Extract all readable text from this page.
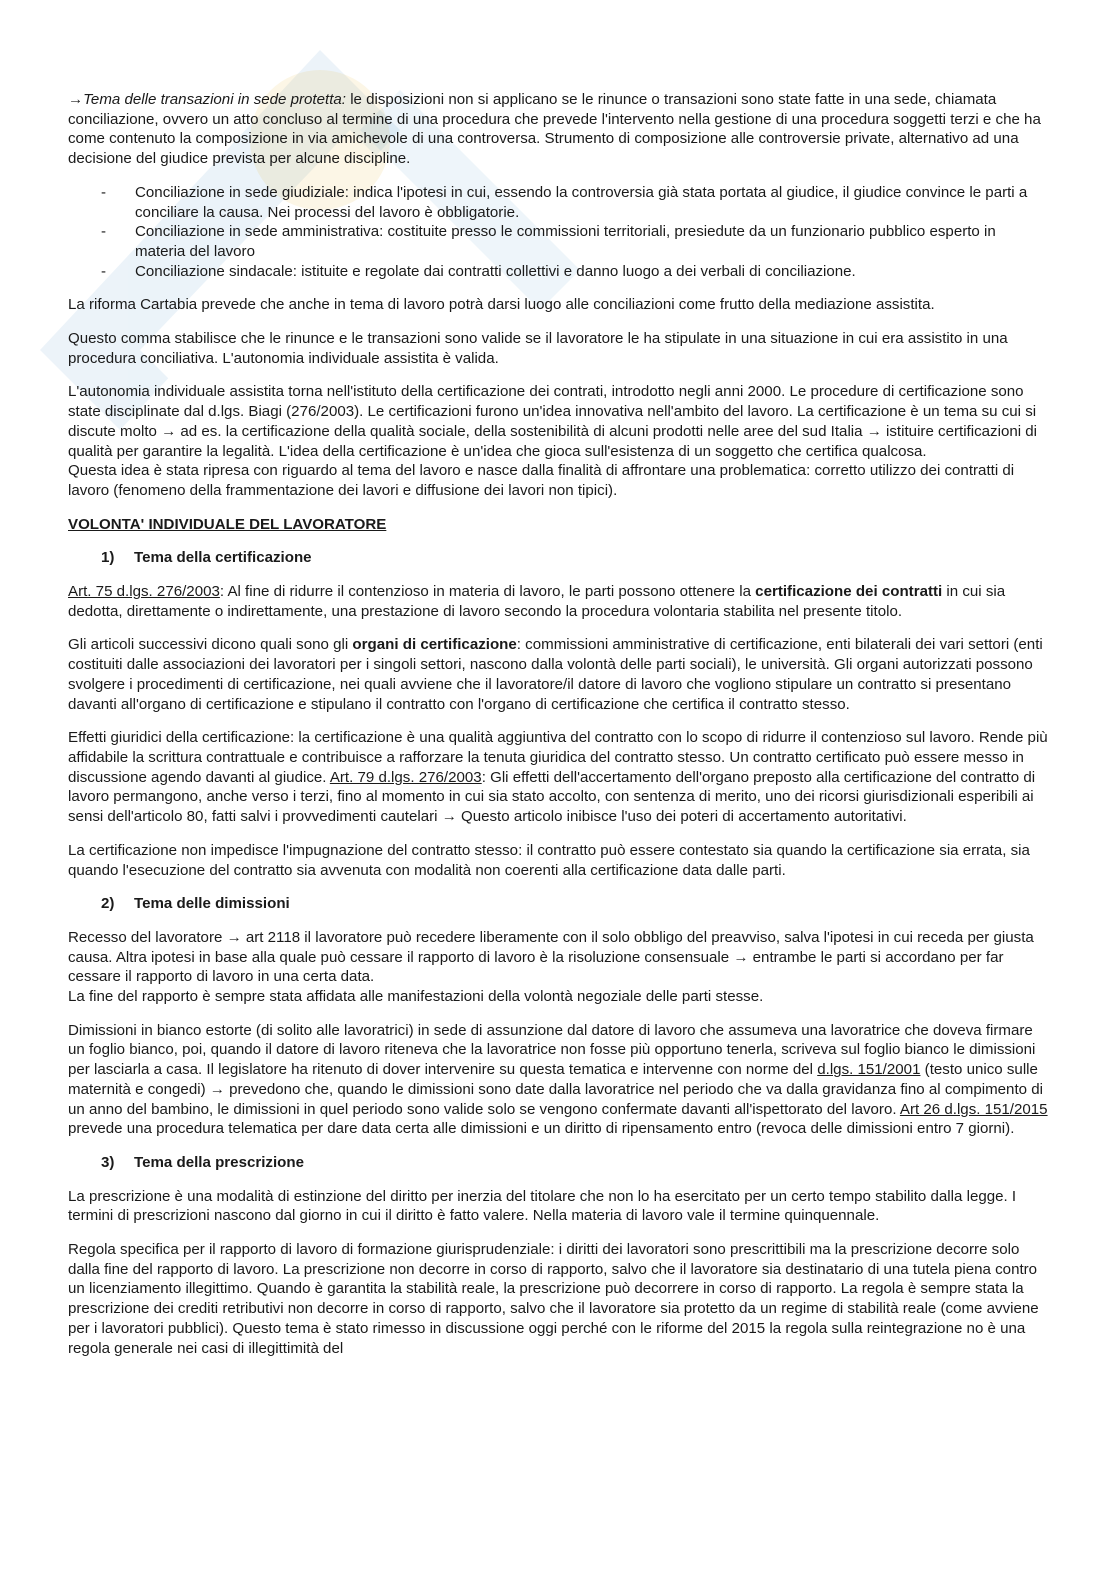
→Tema delle transazioni in sede protetta: le disposizioni non si applicano se le rinunce o transazioni sono state fatte in una sede, chiamata conciliazione, ovvero un atto concluso al termine di una procedura che prevede l'intervento nella gestione di una procedura soggetti terzi e che ha come contenuto la composizione in via amichevole di una controversa. Strumento di composizione alle controversie private, alternativo ad una decisione del giudice prevista per alcune discipline.

- Conciliazione in sede giudiziale: indica l'ipotesi in cui, essendo la controversia già stata portata al giudice, il giudice convince le parti a conciliare la causa. Nei processi del lavoro è obbligatorie.
- Conciliazione in sede amministrativa: costituite presso le commissioni territoriali, presiedute da un funzionario pubblico esperto in materia del lavoro
- Conciliazione sindacale: istituite e regolate dai contratti collettivi e danno luogo a dei verbali di conciliazione.

La riforma Cartabia prevede che anche in tema di lavoro potrà darsi luogo alle conciliazioni come frutto della mediazione assistita.

Questo comma stabilisce che le rinunce e le transazioni sono valide se il lavoratore le ha stipulate in una situazione in cui era assistito in una procedura conciliativa. L'autonomia individuale assistita è valida.

L'autonomia individuale assistita torna nell'istituto della certificazione dei contrati, introdotto negli anni 2000. Le procedure di certificazione sono state disciplinate dal d.lgs. Biagi (276/2003). Le certificazioni furono un'idea innovativa nell'ambito del lavoro. La certificazione è un tema su cui si discute molto → ad es. la certificazione della qualità sociale, della sostenibilità di alcuni prodotti nelle aree del sud Italia → istituire certificazioni di qualità per garantire la legalità. L'idea della certificazione è un'idea che gioca sull'esistenza di un soggetto che certifica qualcosa.

Questa idea è stata ripresa con riguardo al tema del lavoro e nasce dalla finalità di affrontare una problematica: corretto utilizzo dei contratti di lavoro (fenomeno della frammentazione dei lavori e diffusione dei lavori non tipici).

VOLONTA' INDIVIDUALE DEL LAVORATORE
1) Tema della certificazione

Art. 75 d.lgs. 276/2003: Al fine di ridurre il contenzioso in materia di lavoro, le parti possono ottenere la certificazione dei contratti in cui sia dedotta, direttamente o indirettamente, una prestazione di lavoro secondo la procedura volontaria stabilita nel presente titolo.

Gli articoli successivi dicono quali sono gli organi di certificazione: commissioni amministrative di certificazione, enti bilaterali dei vari settori (enti costituiti dalle associazioni dei lavoratori per i singoli settori, nascono dalla volontà delle parti sociali), le università. Gli organi autorizzati possono svolgere i procedimenti di certificazione, nei quali avviene che il lavoratore/il datore di lavoro che vogliono stipulare un contratto si presentano davanti all'organo di certificazione e stipulano il contratto con l'organo di certificazione che certifica il contratto stesso.

Effetti giuridici della certificazione: la certificazione è una qualità aggiuntiva del contratto con lo scopo di ridurre il contenzioso sul lavoro. Rende più affidabile la scrittura contrattuale e contribuisce a rafforzare la tenuta giuridica del contratto stesso. Un contratto certificato può essere messo in discussione agendo davanti al giudice. Art. 79 d.lgs. 276/2003: Gli effetti dell'accertamento dell'organo preposto alla certificazione del contratto di lavoro permangono, anche verso i terzi, fino al momento in cui sia stato accolto, con sentenza di merito, uno dei ricorsi giurisdizionali esperibili ai sensi dell'articolo 80, fatti salvi i provvedimenti cautelari → Questo articolo inibisce l'uso dei poteri di accertamento autoritativi.

La certificazione non impedisce l'impugnazione del contratto stesso: il contratto può essere contestato sia quando la certificazione sia errata, sia quando l'esecuzione del contratto sia avvenuta con modalità non coerenti alla certificazione data dalle parti.

2) Tema delle dimissioni

Recesso del lavoratore → art 2118 il lavoratore può recedere liberamente con il solo obbligo del preavviso, salva l'ipotesi in cui receda per giusta causa. Altra ipotesi in base alla quale può cessare il rapporto di lavoro è la risoluzione consensuale → entrambe le parti si accordano per far cessare il rapporto di lavoro in una certa data.

La fine del rapporto è sempre stata affidata alle manifestazioni della volontà negoziale delle parti stesse.

Dimissioni in bianco estorte (di solito alle lavoratrici) in sede di assunzione dal datore di lavoro che assumeva una lavoratrice che doveva firmare un foglio bianco, poi, quando il datore di lavoro riteneva che la lavoratrice non fosse più opportuno tenerla, scriveva sul foglio bianco le dimissioni per lasciarla a casa. Il legislatore ha ritenuto di dover intervenire su questa tematica e intervenne con norme del d.lgs. 151/2001 (testo unico sulle maternità e congedi) → prevedono che, quando le dimissioni sono date dalla lavoratrice nel periodo che va dalla gravidanza fino al compimento di un anno del bambino, le dimissioni in quel periodo sono valide solo se vengono confermate davanti all'ispettorato del lavoro. Art 26 d.lgs. 151/2015 prevede una procedura telematica per dare data certa alle dimissioni e un diritto di ripensamento entro (revoca delle dimissioni entro 7 giorni).

3) Tema della prescrizione

La prescrizione è una modalità di estinzione del diritto per inerzia del titolare che non lo ha esercitato per un certo tempo stabilito dalla legge. I termini di prescrizioni nascono dal giorno in cui il diritto è fatto valere. Nella materia di lavoro vale il termine quinquennale.

Regola specifica per il rapporto di lavoro di formazione giurisprudenziale: i diritti dei lavoratori sono prescrittibili ma la prescrizione decorre solo dalla fine del rapporto di lavoro. La prescrizione non decorre in corso di rapporto, salvo che il lavoratore sia destinatario di una tutela piena contro un licenziamento illegittimo. Quando è garantita la stabilità reale, la prescrizione può decorrere in corso di rapporto. La regola è sempre stata la prescrizione dei crediti retributivi non decorre in corso di rapporto, salvo che il lavoratore sia protetto da un regime di stabilità reale (come avviene per i lavoratori pubblici). Questo tema è stato rimesso in discussione oggi perché con le riforme del 2015 la regola sulla reintegrazione no è una regola generale nei casi di illegittimità del
